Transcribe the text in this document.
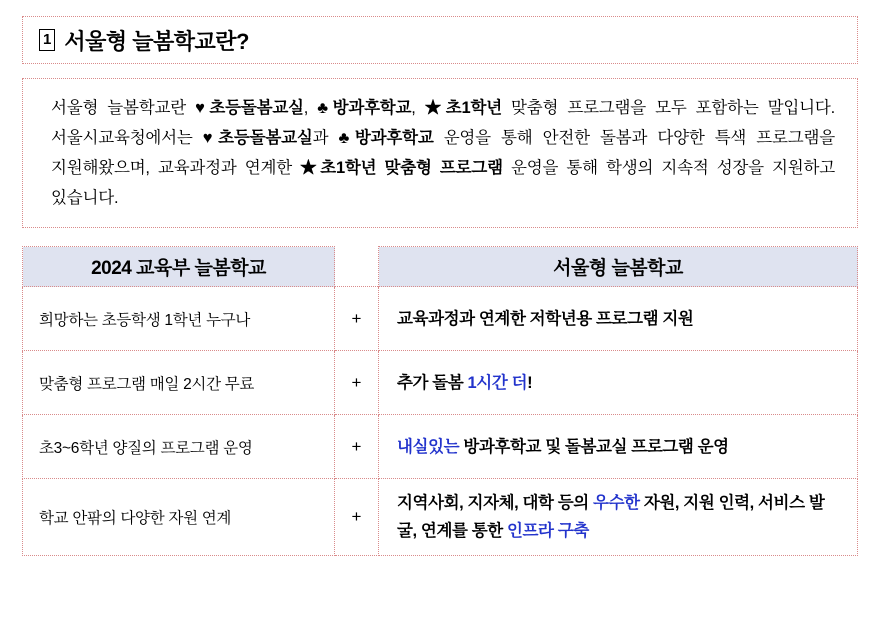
1 서울형 늘봄학교란?

서울형 늘봄학교란 ♥초등돌봄교실, ♣방과후학교, ★초1학년 맞춤형 프로그램을 모두 포함하는 말입니다. 서울시교육청에서는 ♥초등돌봄교실과 ♣방과후학교 운영을 통해 안전한 돌봄과 다양한 특색 프로그램을 지원해왔으며, 교육과정과 연계한 ★초1학년 맞춤형 프로그램 운영을 통해 학생의 지속적 성장을 지원하고 있습니다.

2024 교육부 늘봄학교		서울형 늘봄학교
희망하는 초등학생 1학년 누구나	+	교육과정과 연계한 저학년용 프로그램 지원
맞춤형 프로그램 매일 2시간 무료	+	추가 돌봄 1시간 더!
초3~6학년 양질의 프로그램 운영	+	내실있는 방과후학교 및 돌봄교실 프로그램 운영
학교 안팎의 다양한 자원 연계	+	지역사회, 지자체, 대학 등의 우수한 자원, 지원 인력, 서비스 발굴, 연계를 통한 인프라 구축
